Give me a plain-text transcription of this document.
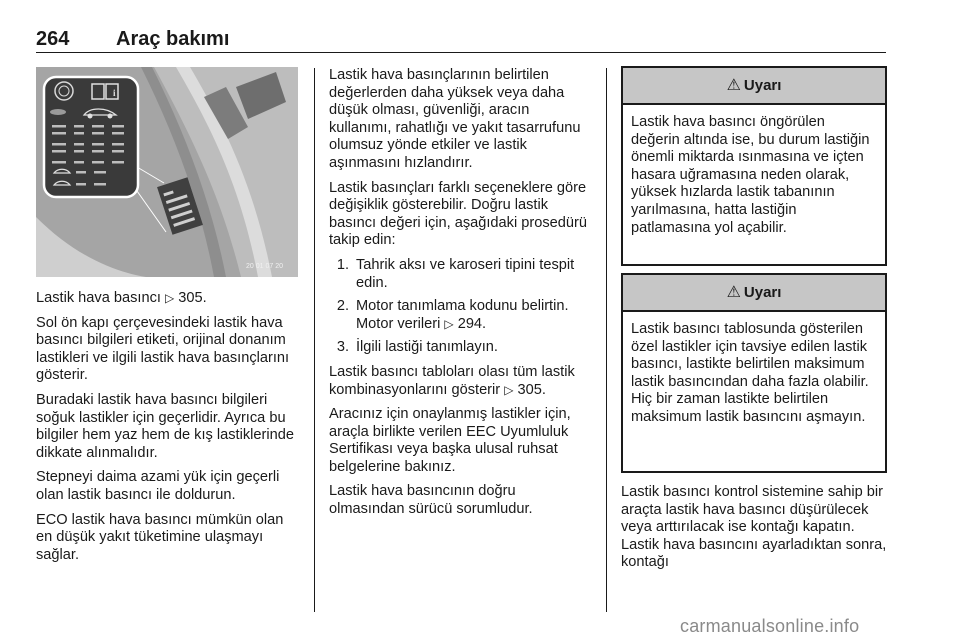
264 Araç bakımı
i
20 01 07 20

Lastik hava basıncı ▷ 305.

Sol ön kapı çerçevesindeki lastik hava basıncı bilgileri etiketi, orijinal donanım lastikleri ve ilgili lastik hava basınçlarını gösterir.

Buradaki lastik hava basıncı bilgileri soğuk lastikler için geçerlidir. Ayrıca bu bilgiler hem yaz hem de kış lastiklerinde dikkate alınmalıdır.

Stepneyi daima azami yük için geçerli olan lastik basıncı ile doldurun.

ECO lastik hava basıncı mümkün olan en düşük yakıt tüketimine ulaşmayı sağlar.

Lastik hava basınçlarının belirtilen değerlerden daha yüksek veya daha düşük olması, güvenliği, aracın kullanımı, rahatlığı ve yakıt tasarrufunu olumsuz yönde etkiler ve lastik aşınmasını hızlandırır.

Lastik basınçları farklı seçeneklere göre değişiklik gösterebilir. Doğru lastik basıncı değeri için, aşağıdaki prosedürü takip edin:

1. Tahrik aksı ve karoseri tipini tespit edin.
2. Motor tanımlama kodunu belirtin. Motor verileri ▷ 294.
3. İlgili lastiği tanımlayın.

Lastik basıncı tabloları olası tüm lastik kombinasyonlarını gösterir ▷ 305.

Aracınız için onaylanmış lastikler için, araçla birlikte verilen EEC Uyumluluk Sertifikası veya başka ulusal ruhsat belgelerine bakınız.

Lastik hava basıncının doğru olmasından sürücü sorumludur.

⚠ Uyarı
Lastik hava basıncı öngörülen değerin altında ise, bu durum lastiğin önemli miktarda ısınmasına ve içten hasara uğramasına neden olarak, yüksek hızlarda lastik tabanının yarılmasına, hatta lastiğin patlamasına yol açabilir.
⚠ Uyarı
Lastik basıncı tablosunda gösterilen özel lastikler için tavsiye edilen lastik basıncı, lastikte belirtilen maksimum lastik basıncından daha fazla olabilir. Hiç bir zaman lastikte belirtilen maksimum lastik basıncını aşmayın.

Lastik basıncı kontrol sistemine sahip bir araçta lastik hava basıncı düşürülecek veya arttırılacak ise kontağı kapatın. Lastik hava basıncını ayarladıktan sonra, kontağı

carmanualsonline.info
